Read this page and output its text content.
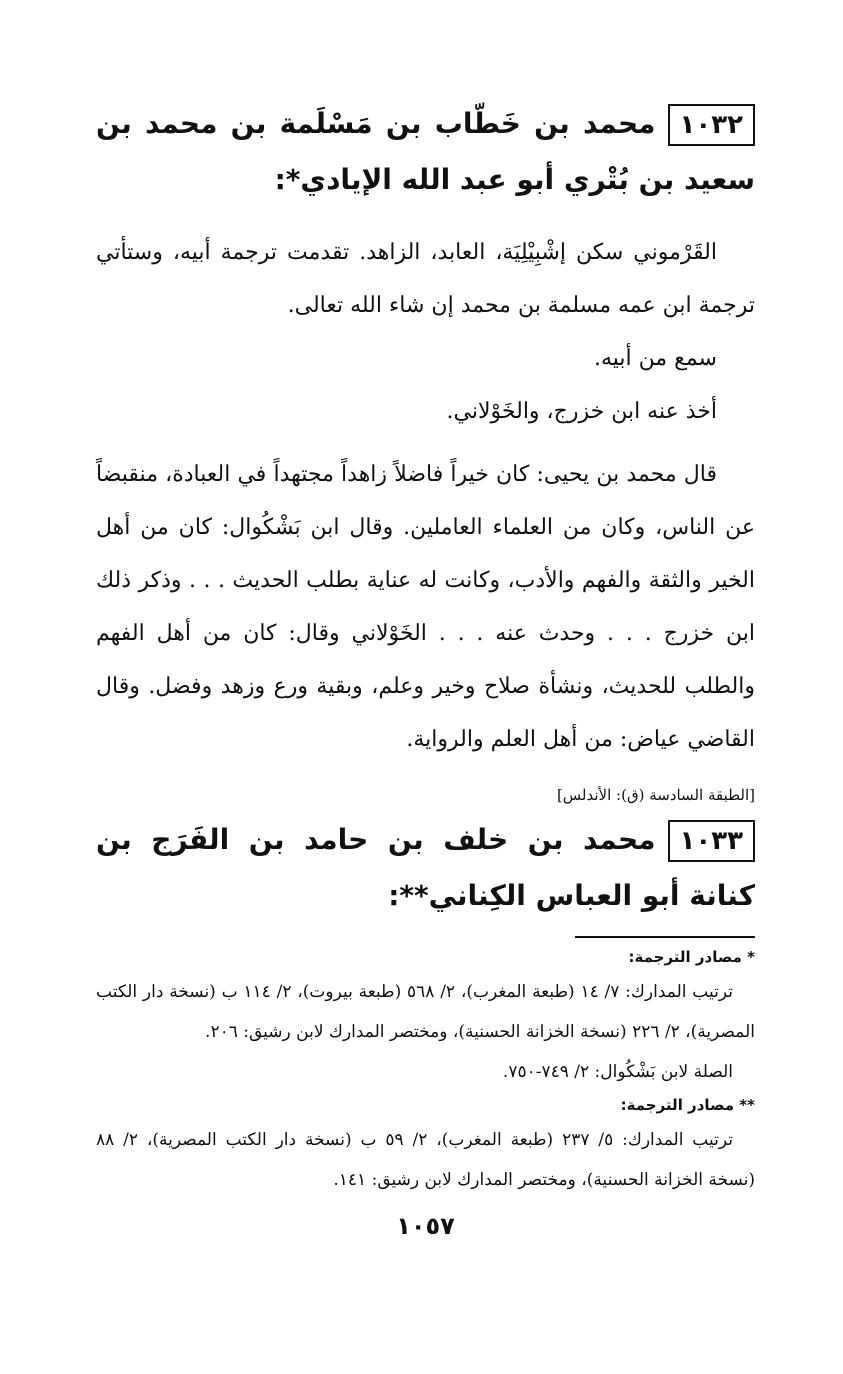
١٠٣٢محمد بن خَطّاب بن مَسْلَمة بن محمد بن سعيد بن بُتْري أبو عبد الله الإيادي*:

القَرْموني سكن إشْبِيْلِيَة، العابد، الزاهد. تقدمت ترجمة أبيه، وستأتي ترجمة ابن عمه مسلمة بن محمد إن شاء الله تعالى.

سمع من أبيه.

أخذ عنه ابن خزرج، والخَوْلاني.

قال محمد بن يحيى: كان خيراً فاضلاً زاهداً مجتهداً في العبادة، منقبضاً عن الناس، وكان من العلماء العاملين. وقال ابن بَشْكُوال: كان من أهل الخير والثقة والفهم والأدب، وكانت له عناية بطلب الحديث . . . وذكر ذلك ابن خزرج . . . وحدث عنه . . . الخَوْلاني وقال: كان من أهل الفهم والطلب للحديث، ونشأة صلاح وخير وعلم، وبقية ورع وزهد وفضل. وقال القاضي عياض: من أهل العلم والرواية.

[الطبقة السادسة (ق): الأندلس]
١٠٣٣محمد بن خلف بن حامد بن الفَرَج بن كنانة أبو العباس الكِناني**:

* مصادر الترجمة:

ترتيب المدارك: ٧/ ١٤ (طبعة المغرب)، ٢/ ٥٦٨ (طبعة بيروت)، ٢/ ١١٤ ب (نسخة دار الكتب المصرية)، ٢/ ٢٢٦ (نسخة الخزانة الحسنية)، ومختصر المدارك لابن رشيق: ٢٠٦.

الصلة لابن بَشْكُوال: ٢/ ٧٤٩-٧٥٠.

** مصادر الترجمة:

ترتيب المدارك: ٥/ ٢٣٧ (طبعة المغرب)، ٢/ ٥٩ ب (نسخة دار الكتب المصرية)، ٢/ ٨٨ (نسخة الخزانة الحسنية)، ومختصر المدارك لابن رشيق: ١٤١.

١٠٥٧
